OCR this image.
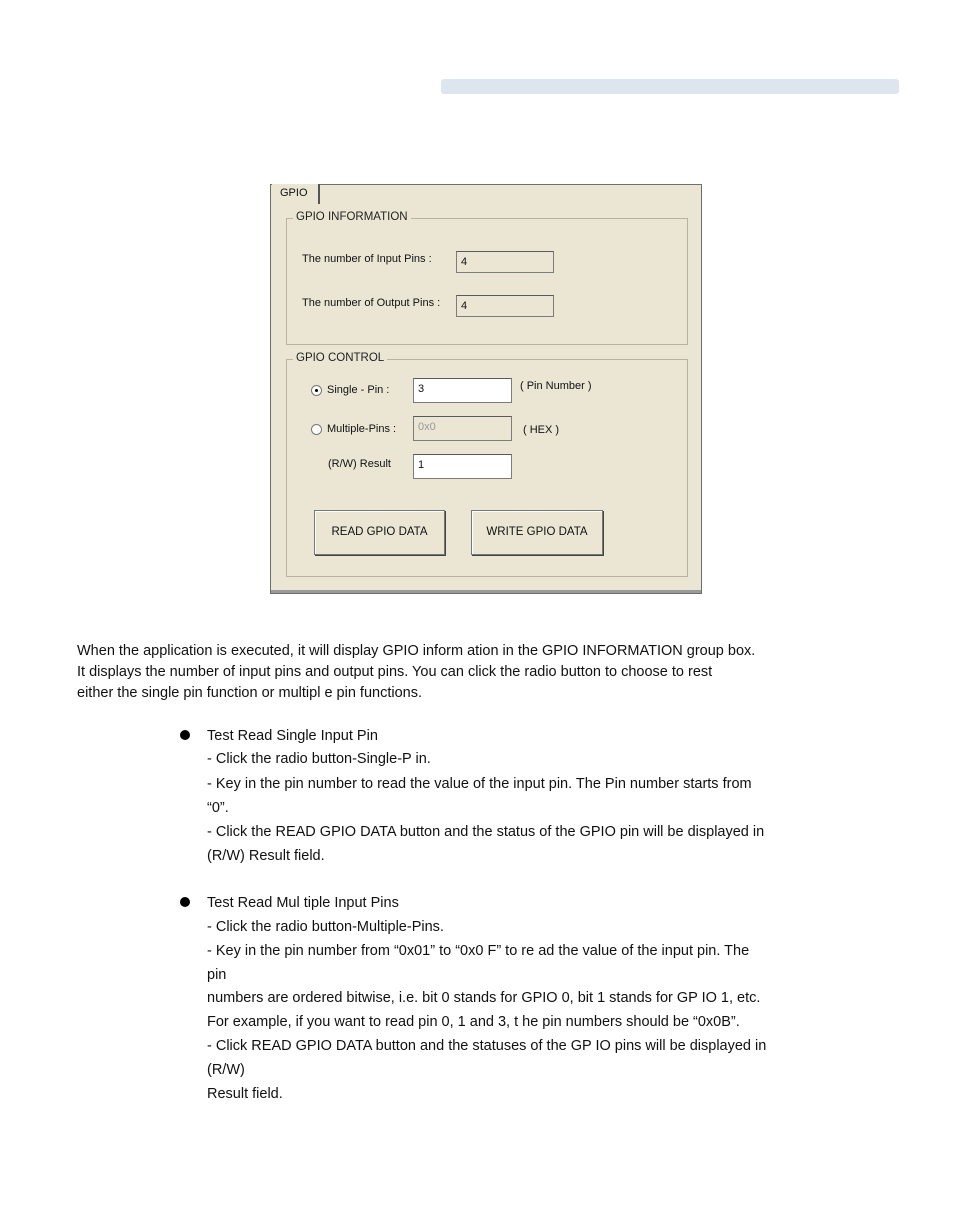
GPIO
GPIO INFORMATION
The number of Input Pins :	4
The number of Output Pins :	4
GPIO CONTROL
Single - Pin :	3	( Pin Number )
Multiple-Pins :	0x0	( HEX )
(R/W) Result	1
READ GPIO DATA	WRITE GPIO DATA
When the application is executed, it will display GPIO inform ation in the GPIO INFORMATION group box.
It displays the number of input pins and output pins. You can click the radio button to choose to rest
either the single pin function or multipl e pin functions.
Test Read Single Input Pin
- Click the radio button-Single-P in.
- Key in the pin number to read the value of the input pin. The Pin number starts from
“0”.
- Click the READ GPIO DATA button and the status of the GPIO pin will be displayed in
(R/W) Result field.
Test Read Mul tiple Input Pins
- Click the radio button-Multiple-Pins.
- Key in the pin number from “0x01” to “0x0 F” to re ad the value of the input pin. The
pin
numbers are ordered bitwise, i.e. bit 0 stands for GPIO 0, bit 1 stands for GP IO 1, etc.
For example, if you want to read pin 0, 1 and 3, t he pin numbers should be “0x0B”.
- Click READ GPIO DATA button and the statuses of the GP IO pins will be displayed in
(R/W)
Result field.
